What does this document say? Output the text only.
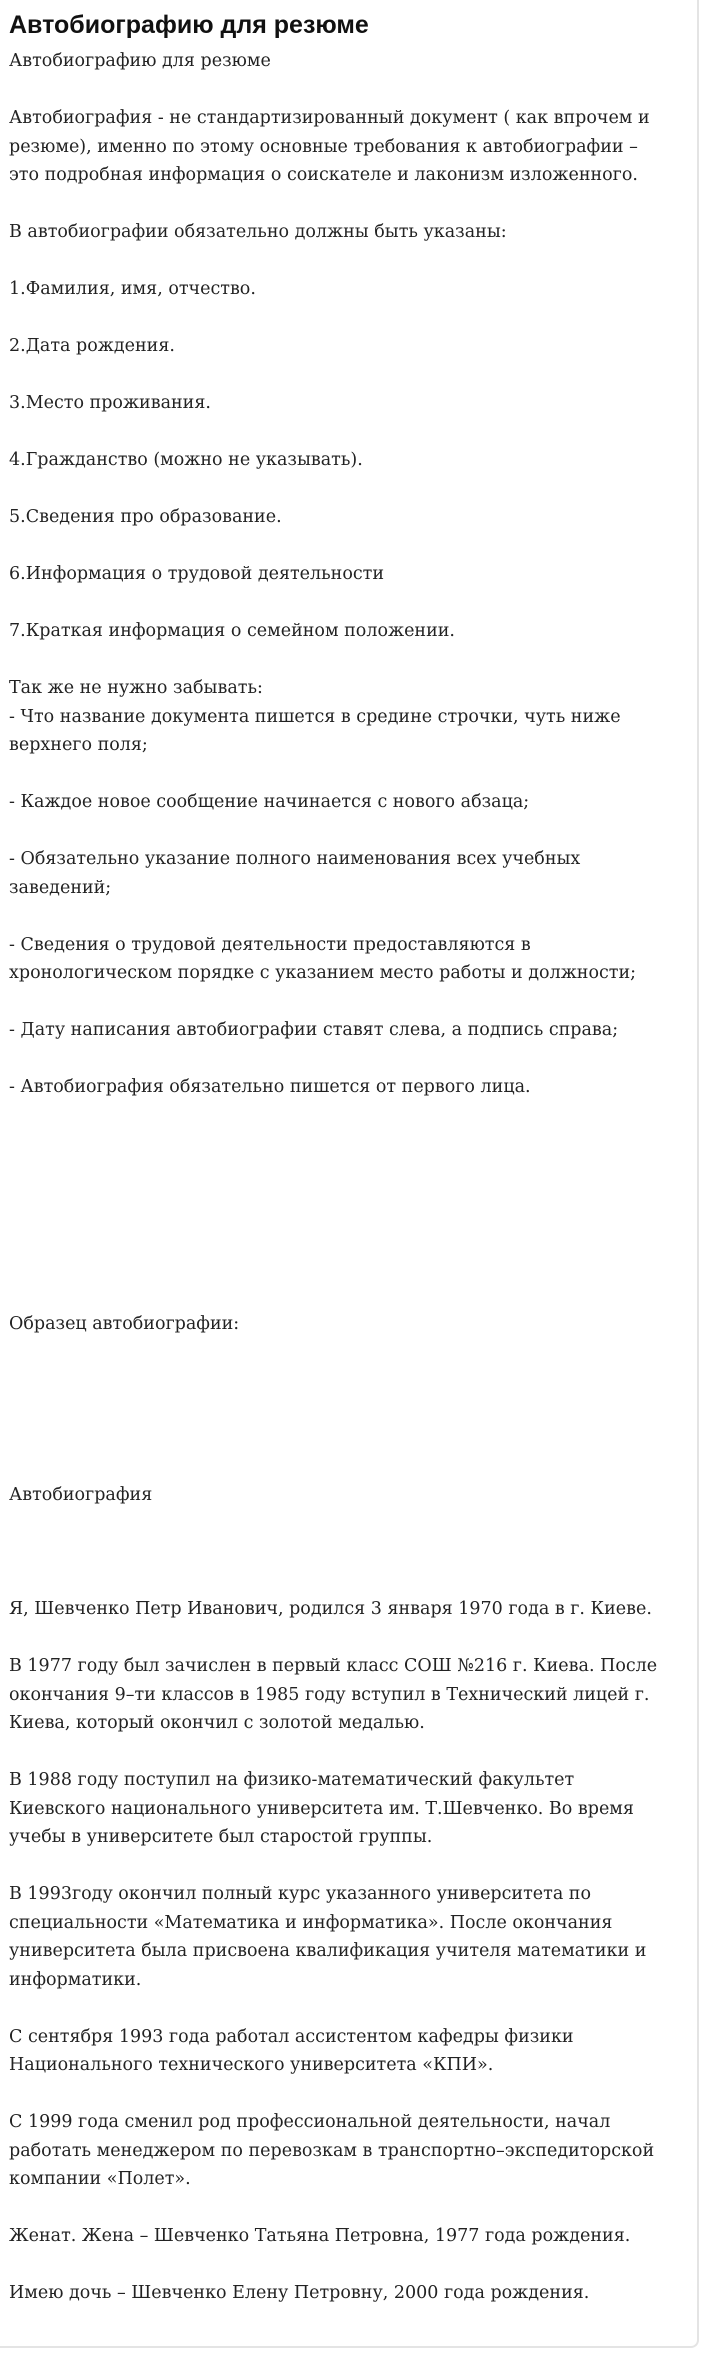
Автобиографию для резюме
Автобиографию для резюме
Автобиография - не стандартизированный документ ( как впрочем и
резюме), именно по этому основные требования к автобиографии –
это подробная информация о соискателе и лаконизм изложенного.
В автобиографии обязательно должны быть указаны:
1.Фамилия, имя, отчество.
2.Дата рождения.
3.Место проживания.
4.Гражданство (можно не указывать).
5.Сведения про образование.
6.Информация о трудовой деятельности
7.Краткая информация о семейном положении.
Так же не нужно забывать:
- Что название документа пишется в средине строчки, чуть ниже
верхнего поля;
- Каждое новое сообщение начинается с нового абзаца;
- Обязательно указание полного наименования всех учебных
заведений;
- Сведения о трудовой деятельности предоставляются в
хронологическом порядке с указанием место работы и должности;
- Дату написания автобиографии ставят слева, а подпись справа;
- Автобиография обязательно пишется от первого лица.
Образец автобиографии:
Автобиография
Я, Шевченко Петр Иванович, родился 3 января 1970 года в г. Киеве.
В 1977 году был зачислен в первый класс СОШ №216 г. Киева. После
окончания 9–ти классов в 1985 году вступил в Технический лицей г.
Киева, который окончил с золотой медалью.
В 1988 году поступил на физико-математический факультет
Киевского национального университета им. Т.Шевченко. Во время
учебы в университете был старостой группы.
В 1993году окончил полный курс указанного университета по
специальности «Математика и информатика». После окончания
университета была присвоена квалификация учителя математики и
информатики.
С сентября 1993 года работал ассистентом кафедры физики
Национального технического университета «КПИ».
С 1999 года сменил род профессиональной деятельности, начал
работать менеджером по перевозкам в транспортно–экспедиторской
компании «Полет».
Женат. Жена – Шевченко Татьяна Петровна, 1977 года рождения.
Имею дочь – Шевченко Елену Петровну, 2000 года рождения.
